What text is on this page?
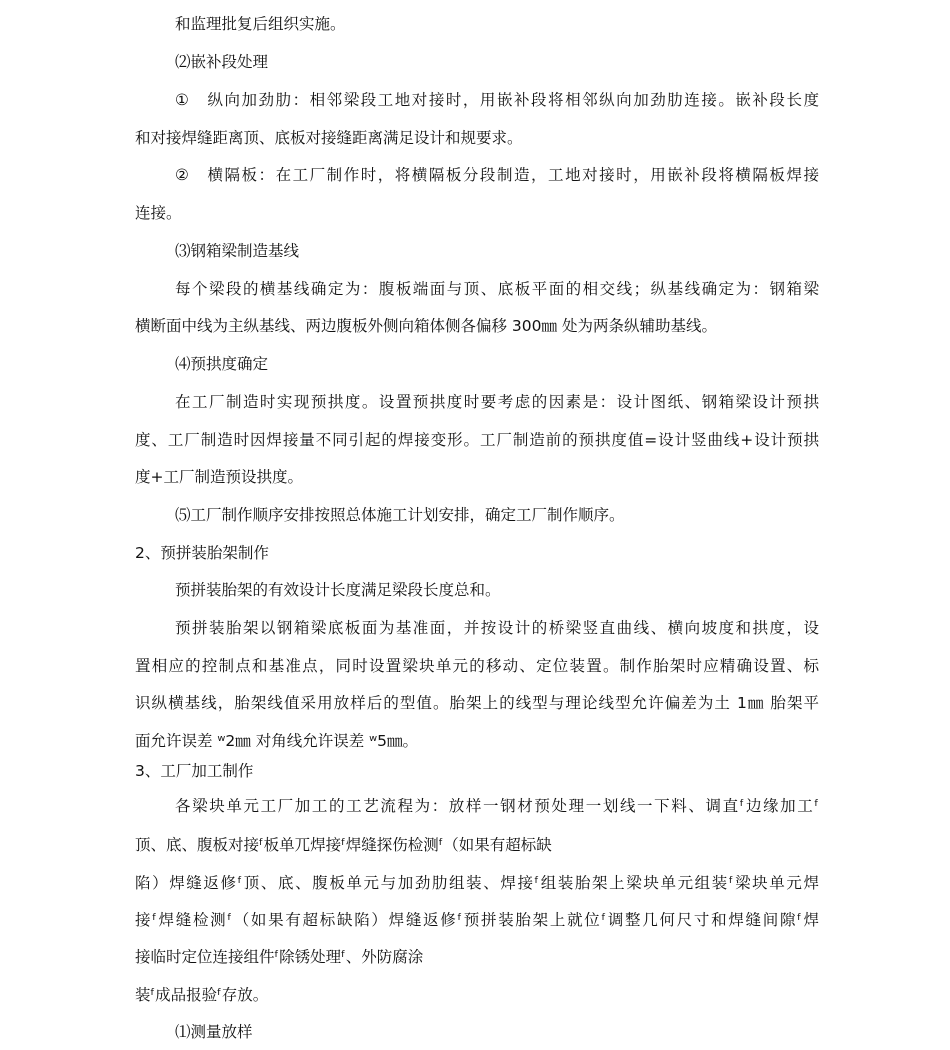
和监理批复后组织实施。
⑵嵌补段处理
①　纵向加劲肋：相邻梁段工地对接时，用嵌补段将相邻纵向加劲肋连接。嵌补段长度
和对接焊缝距离顶、底板对接缝距离满足设计和规要求。
②　横隔板：在工厂制作时，将横隔板分段制造，工地对接时，用嵌补段将横隔板焊接
连接。
⑶钢箱梁制造基线
每个梁段的横基线确定为：腹板端面与顶、底板平面的相交线；纵基线确定为：钢箱梁
横断面中线为主纵基线、两边腹板外侧向箱体侧各偏移 300㎜ 处为两条纵辅助基线。
⑷预拱度确定
在工厂制造时实现预拱度。设置预拱度时要考虑的因素是：设计图纸、钢箱梁设计预拱
度、工厂制造时因焊接量不同引起的焊接变形。工厂制造前的预拱度值=设计竖曲线+设计预拱
度+工厂制造预设拱度。
⑸工厂制作顺序安排按照总体施工计划安排，确定工厂制作顺序。
2、预拼装胎架制作
预拼装胎架的有效设计长度满足梁段长度总和。
预拼装胎架以钢箱梁底板面为基准面，并按设计的桥梁竖直曲线、横向坡度和拱度，设
置相应的控制点和基准点，同时设置梁块单元的移动、定位装置。制作胎架时应精确设置、标
识纵横基线，胎架线值采用放样后的型值。胎架上的线型与理论线型允许偏差为土 1㎜ 胎架平
面允许误差 ʷ2㎜ 对角线允许误差 ʷ5㎜。
3、工厂加工制作
各梁块单元工厂加工的工艺流程为：放样一钢材预处理一划线一下料、调直ᶠ边缘加工ᶠ
顶、底、腹板对接ᶠ板单兀焊接ᶠ焊缝探伤检测ᶠ（如果有超标缺
陷）焊缝返修ᶠ顶、底、腹板单元与加劲肋组装、焊接ᶠ组装胎架上梁块单元组装ᶠ梁块单元焊
接ᶠ焊缝检测ᶠ（如果有超标缺陷）焊缝返修ᶠ预拼装胎架上就位ᶠ调整几何尺寸和焊缝间隙ᶠ焊
接临时定位连接组件ᶠ除锈处理ᶠ、外防腐涂
装ᶠ成品报验ᶠ存放。
⑴测量放样
